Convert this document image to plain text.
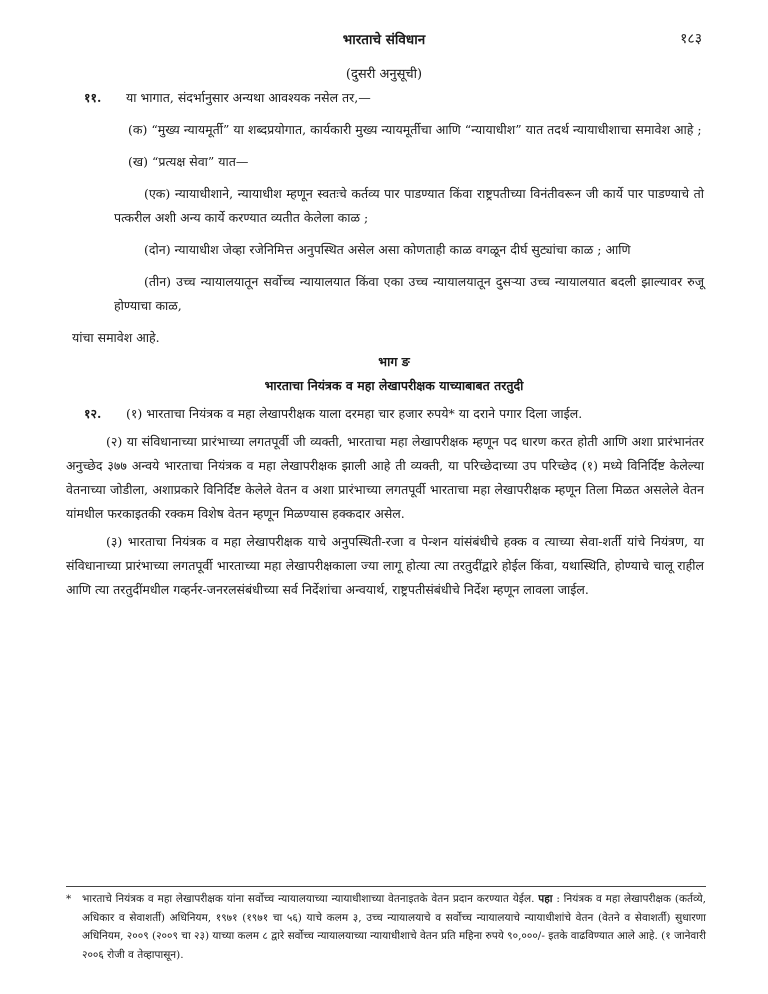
भारताचे संविधान	१८३
(दुसरी अनुसूची)
११.	या भागात, संदर्भानुसार अन्यथा आवश्यक नसेल तर,—

(क) “मुख्य न्यायमूर्ती” या शब्दप्रयोगात, कार्यकारी मुख्य न्यायमूर्तीचा आणि “न्यायाधीश” यात तदर्थ न्यायाधीशाचा समावेश आहे ;

(ख) “प्रत्यक्ष सेवा” यात—

(एक) न्यायाधीशाने, न्यायाधीश म्हणून स्वतःचे कर्तव्य पार पाडण्यात किंवा राष्ट्रपतीच्या विनंतीवरून जी कार्ये पार पाडण्याचे तो पत्करील अशी अन्य कार्ये करण्यात व्यतीत केलेला काळ ;

(दोन) न्यायाधीश जेव्हा रजेनिमित्त अनुपस्थित असेल असा कोणताही काळ वगळून दीर्घ सुट्यांचा काळ ; आणि

(तीन) उच्च न्यायालयातून सर्वोच्च न्यायालयात किंवा एका उच्च न्यायालयातून दुसऱ्या उच्च न्यायालयात बदली झाल्यावर रुजू होण्याचा काळ,

यांचा समावेश आहे.

भाग ङ

भारताचा नियंत्रक व महा लेखापरीक्षक याच्याबाबत तरतुदी

१२.	(१) भारताचा नियंत्रक व महा लेखापरीक्षक याला दरमहा चार हजार रुपये* या दराने पगार दिला जाईल.

(२) या संविधानाच्या प्रारंभाच्या लगतपूर्वी जी व्यक्ती, भारताचा महा लेखापरीक्षक म्हणून पद धारण करत होती आणि अशा प्रारंभानंतर अनुच्छेद ३७७ अन्वये भारताचा नियंत्रक व महा लेखापरीक्षक झाली आहे ती व्यक्ती, या परिच्छेदाच्या उप परिच्छेद (१) मध्ये विनिर्दिष्ट केलेल्या वेतनाच्या जोडीला, अशाप्रकारे विनिर्दिष्ट केलेले वेतन व अशा प्रारंभाच्या लगतपूर्वी भारताचा महा लेखापरीक्षक म्हणून तिला मिळत असलेले वेतन यांमधील फरकाइतकी रक्कम विशेष वेतन म्हणून मिळण्यास हक्कदार असेल.

(३) भारताचा नियंत्रक व महा लेखापरीक्षक याचे अनुपस्थिती-रजा व पेन्शन यांसंबंधीचे हक्क व त्याच्या सेवा-शर्ती यांचे नियंत्रण, या संविधानाच्या प्रारंभाच्या लगतपूर्वी भारताच्या महा लेखापरीक्षकाला ज्या लागू होत्या त्या तरतुदींद्वारे होईल किंवा, यथास्थिति, होण्याचे चालू राहील आणि त्या तरतुदींमधील गव्हर्नर-जनरलसंबंधीच्या सर्व निर्देशांचा अन्वयार्थ, राष्ट्रपतीसंबंधीचे निर्देश म्हणून लावला जाईल.

*	भारताचे नियंत्रक व महा लेखापरीक्षक यांना सर्वोच्च न्यायालयाच्या न्यायाधीशाच्या वेतनाइतके वेतन प्रदान करण्यात येईल. पहा : नियंत्रक व महा लेखापरीक्षक (कर्तव्ये, अधिकार व सेवाशर्ती) अधिनियम, १९७१ (१९७१ चा ५६) याचे कलम ३, उच्च न्यायालयाचे व सर्वोच्च न्यायालयाचे न्यायाधीशांचे वेतन (वेतने व सेवाशर्ती) सुधारणा अधिनियम, २००९ (२००९ चा २३) याच्या कलम ८ द्वारे सर्वोच्च न्यायालयाच्या न्यायाधीशाचे वेतन प्रति महिना रुपये ९०,०००/- इतके वाढविण्यात आले आहे. (१ जानेवारी २००६ रोजी व तेव्हापासून).
